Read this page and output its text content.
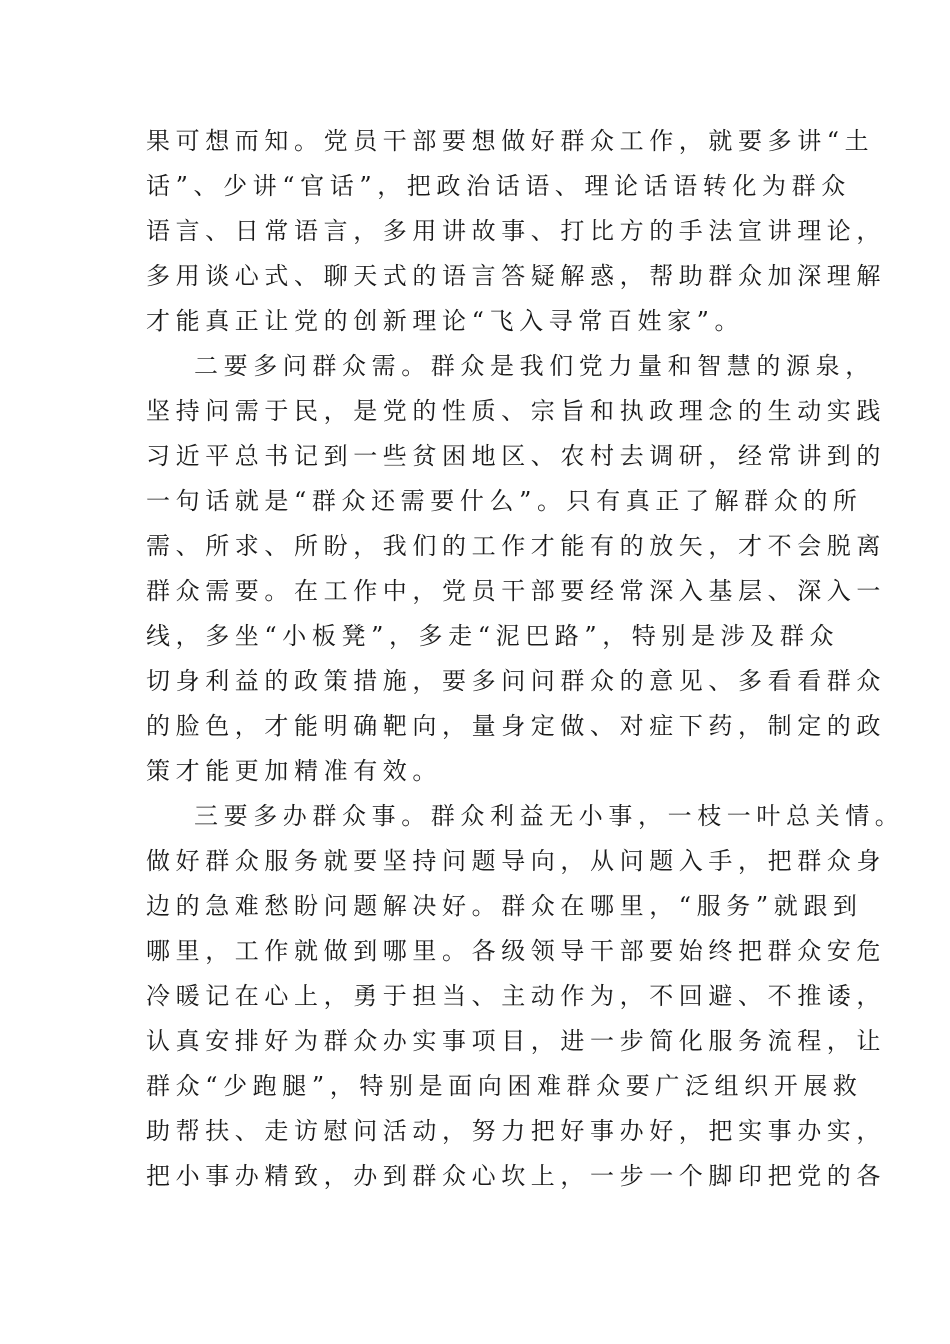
果可想而知。党员干部要想做好群众工作，就要多讲“土
话”、少讲“官话”，把政治话语、理论话语转化为群众
语言、日常语言，多用讲故事、打比方的手法宣讲理论，
多用谈心式、聊天式的语言答疑解惑，帮助群众加深理解
才能真正让党的创新理论“飞入寻常百姓家”。
二要多问群众需。群众是我们党力量和智慧的源泉，
坚持问需于民，是党的性质、宗旨和执政理念的生动实践
习近平总书记到一些贫困地区、农村去调研，经常讲到的
一句话就是“群众还需要什么”。只有真正了解群众的所
需、所求、所盼，我们的工作才能有的放矢，才不会脱离
群众需要。在工作中，党员干部要经常深入基层、深入一
线，多坐“小板凳”，多走“泥巴路”，特别是涉及群众
切身利益的政策措施，要多问问群众的意见、多看看群众
的脸色，才能明确靶向，量身定做、对症下药，制定的政
策才能更加精准有效。
三要多办群众事。群众利益无小事，一枝一叶总关情。
做好群众服务就要坚持问题导向，从问题入手，把群众身
边的急难愁盼问题解决好。群众在哪里，“服务”就跟到
哪里，工作就做到哪里。各级领导干部要始终把群众安危
冷暖记在心上，勇于担当、主动作为，不回避、不推诿，
认真安排好为群众办实事项目，进一步简化服务流程，让
群众“少跑腿”，特别是面向困难群众要广泛组织开展救
助帮扶、走访慰问活动，努力把好事办好，把实事办实，
把小事办精致，办到群众心坎上，一步一个脚印把党的各
